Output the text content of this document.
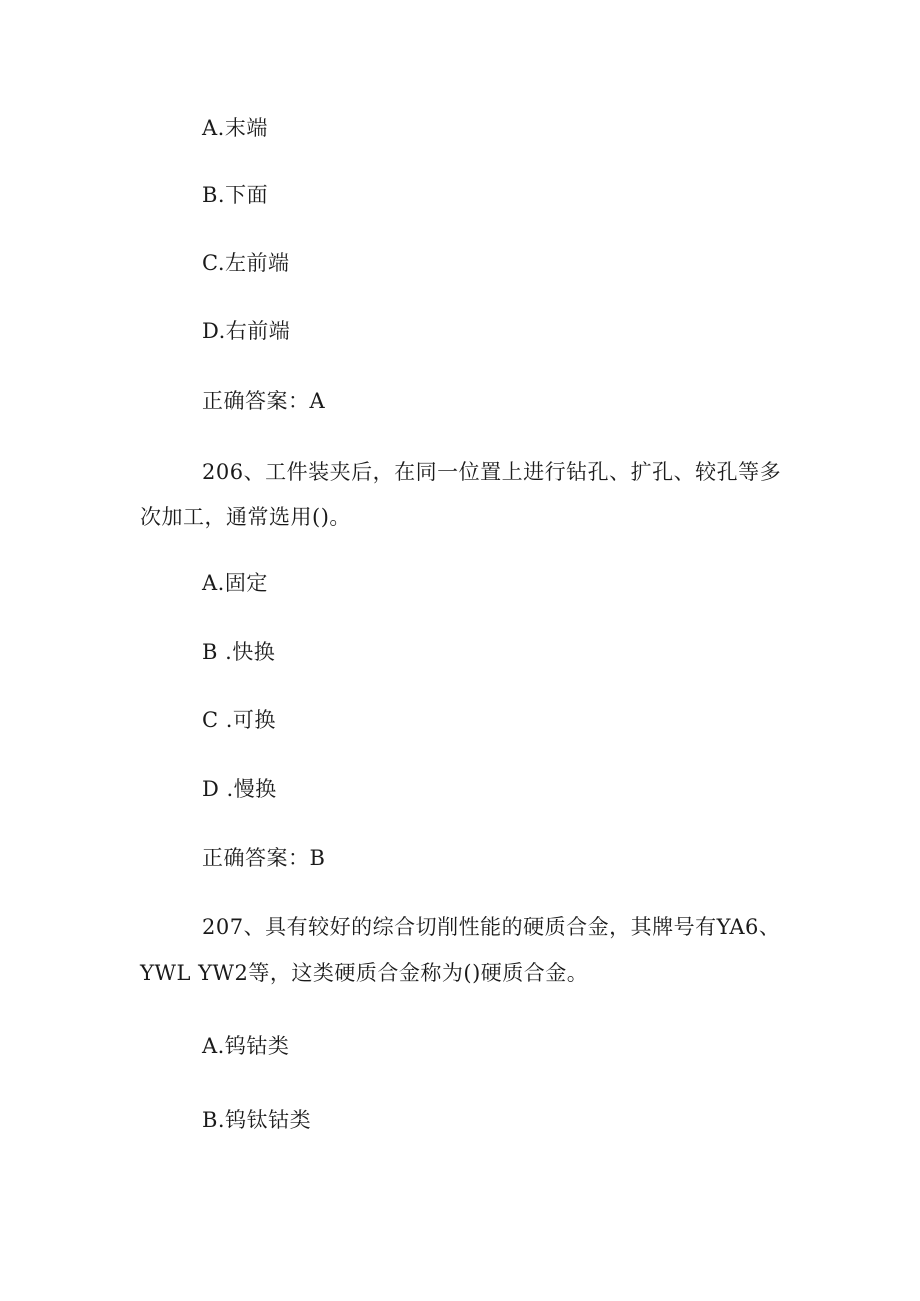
A.末端
B.下面
C.左前端
D.右前端
正确答案：A
206、工件装夹后，在同一位置上进行钻孔、扩孔、较孔等多
次加工，通常选用()。
A.固定
B .快换
C .可换
D .慢换
正确答案：B
207、具有较好的综合切削性能的硬质合金，其牌号有YA6、
YWL YW2等，这类硬质合金称为()硬质合金。
A.钨钴类
B.钨钛钴类
